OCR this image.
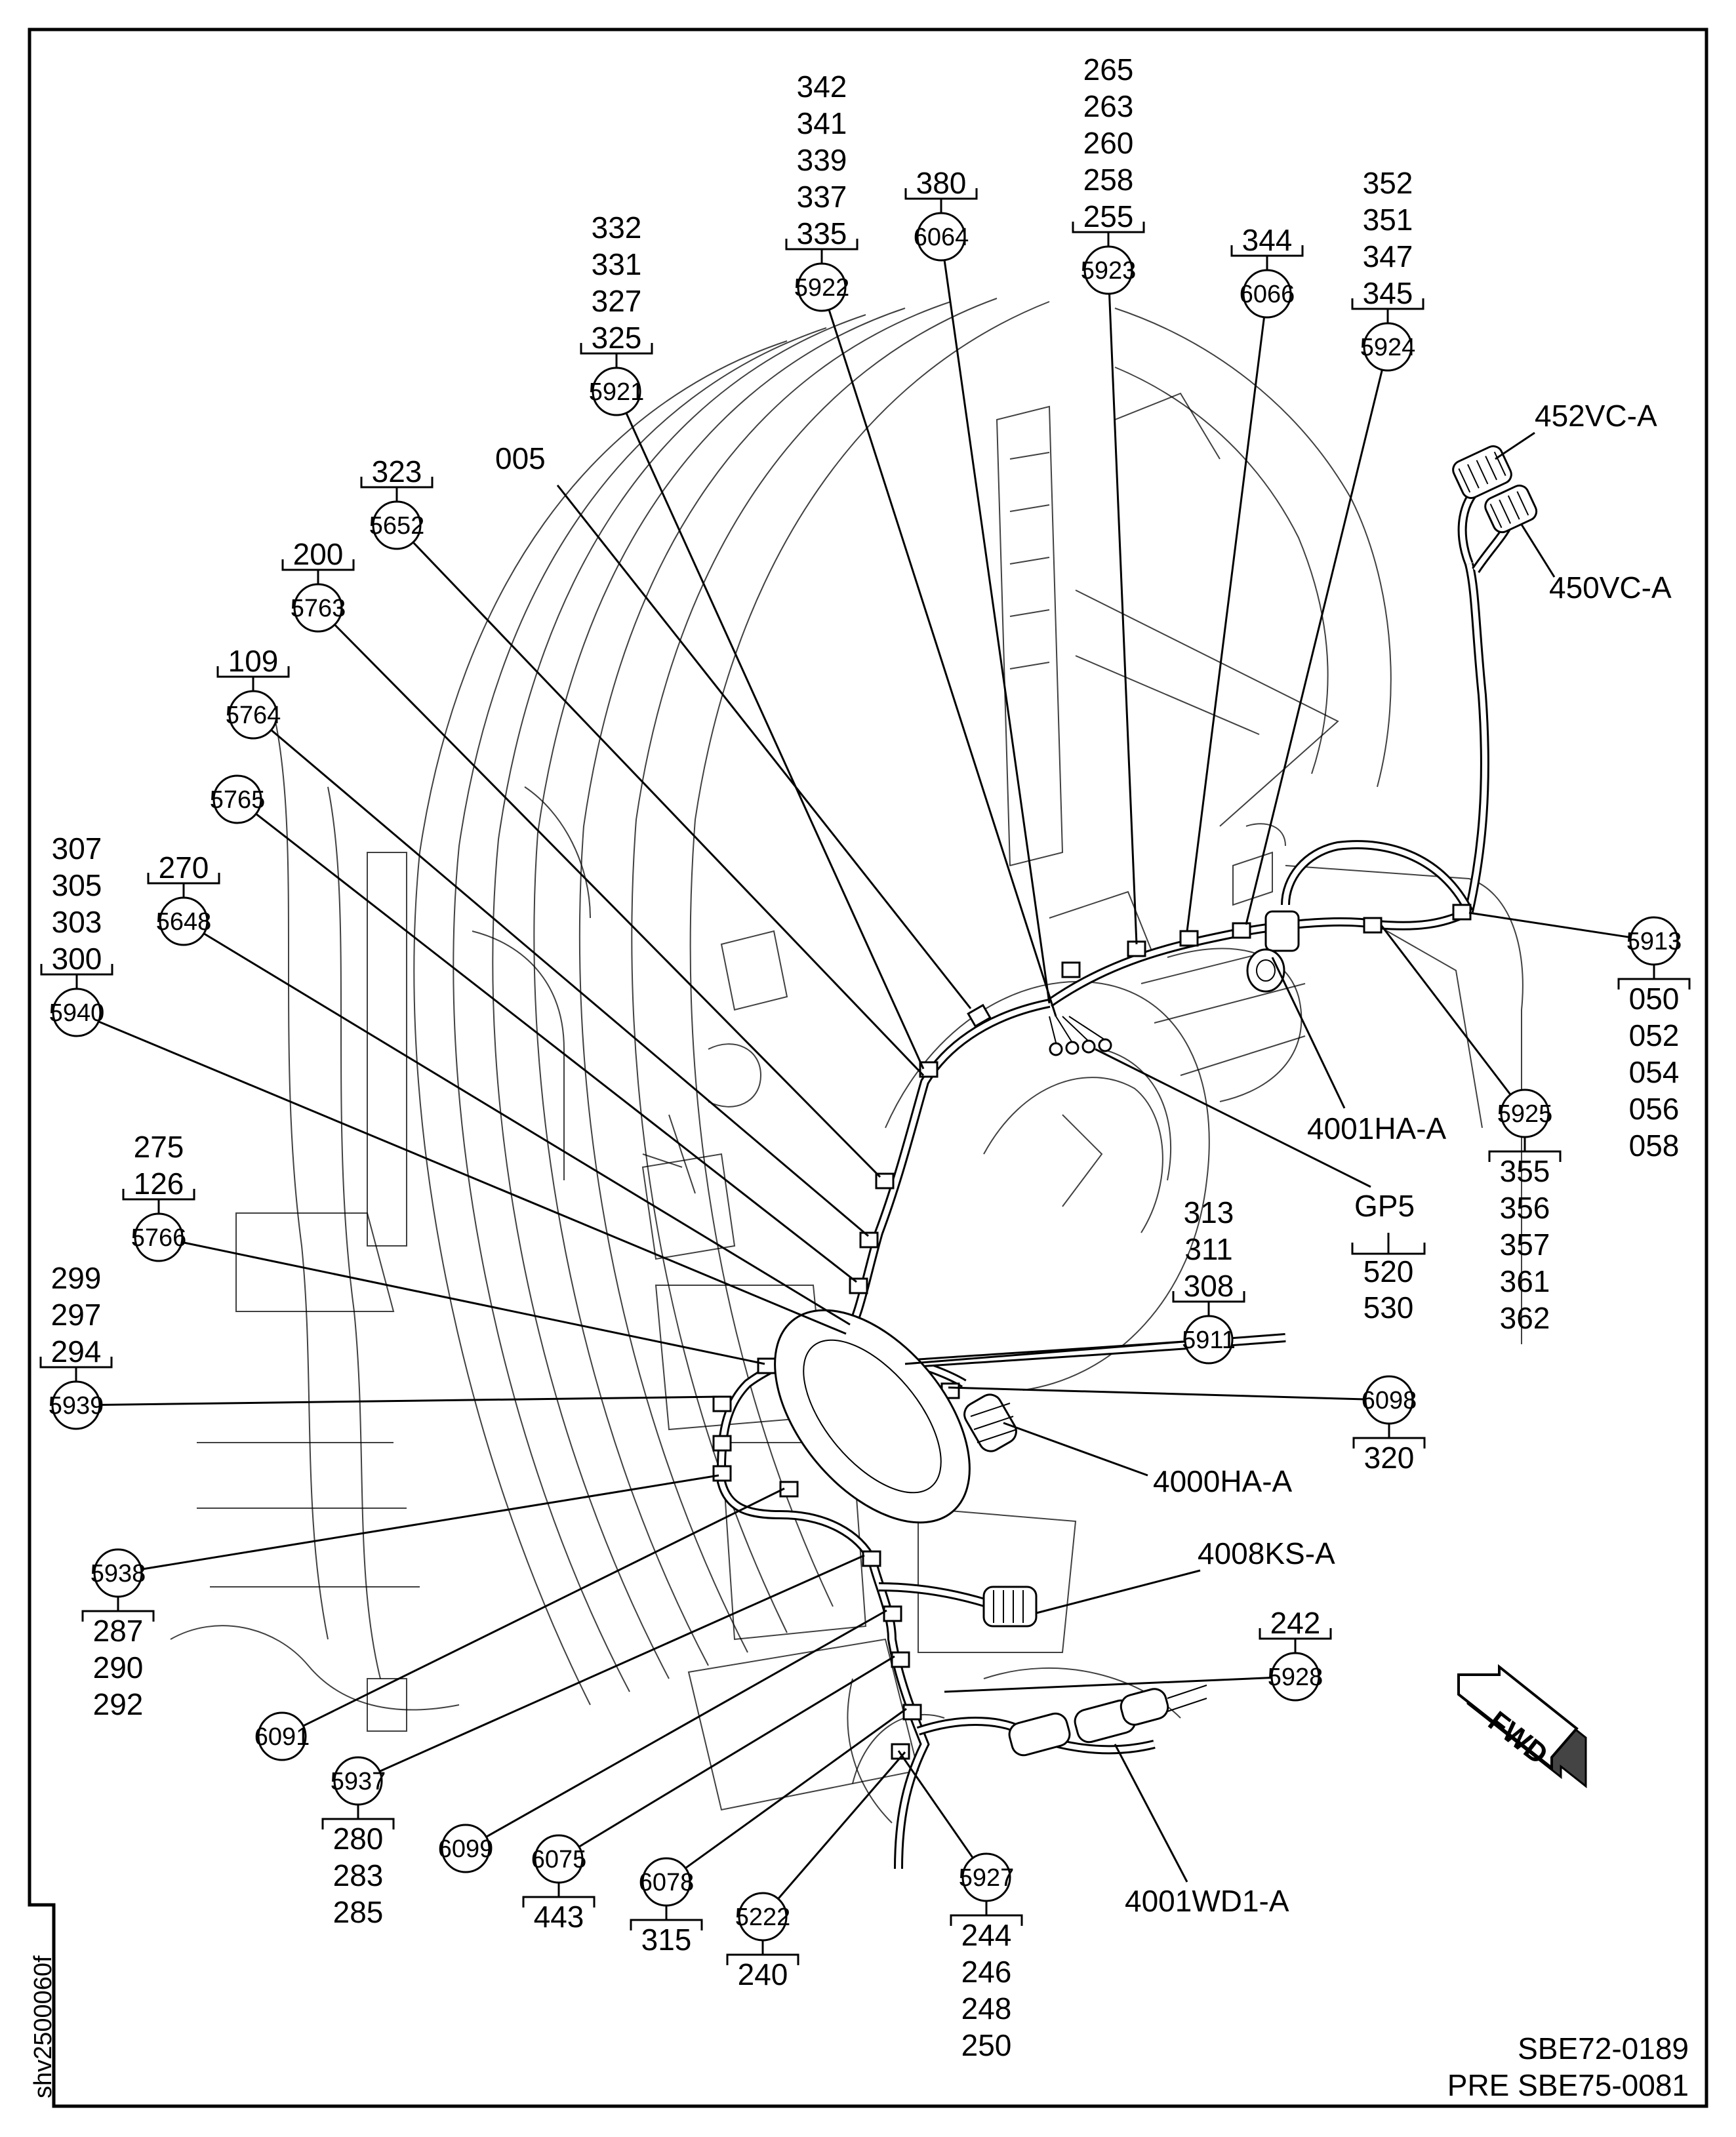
shv2500060f
5921
332
331
327
325
5922
342
341
339
337
335	6064
380
5923
265
263
260
258
255
6066
344
5924
352
351
347
345
5652
323
5763
200
5764
109
5765
5648
270
5940
307
305
303
300
5766
275
126
5939
299
297
294
5938
287
290
292
6091
5937
280
283
285
6099 6075
443
6078
315
5222
240
5927
244
246
248
250
5928
242
6098
320
5911
313
311
308
5913
050
052
054
056
058
5925
355
356
357
361
362
005
452VC-A
450VC-A
4001HA-A
GP5
520
530
4000HA-A
4008KS-A
4001WD1-A
FWD
SBE72-0189
PRE SBE75-0081
